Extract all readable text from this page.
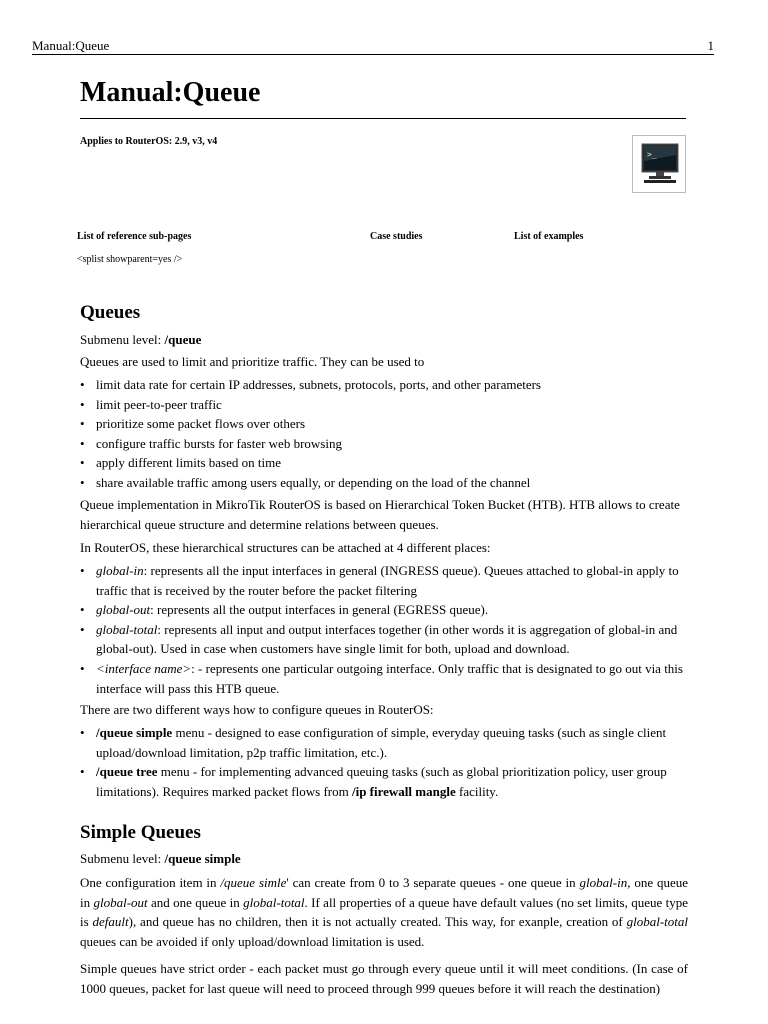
Manual:Queue	1
Manual:Queue
Applies to RouterOS: 2.9, v3, v4
>_
List of reference sub-pages	Case studies	List of examples
<splist showparent=yes />
Queues
Submenu level: /queue
Queues are used to limit and prioritize traffic. They can be used to
• limit data rate for certain IP addresses, subnets, protocols, ports, and other parameters
• limit peer-to-peer traffic
• prioritize some packet flows over others
• configure traffic bursts for faster web browsing
• apply different limits based on time
• share available traffic among users equally, or depending on the load of the channel
Queue implementation in MikroTik RouterOS is based on Hierarchical Token Bucket (HTB). HTB allows to create hierarchical queue structure and determine relations between queues.
In RouterOS, these hierarchical structures can be attached at 4 different places:
• global-in: represents all the input interfaces in general (INGRESS queue). Queues attached to global-in apply to traffic that is received by the router before the packet filtering
• global-out: represents all the output interfaces in general (EGRESS queue).
• global-total: represents all input and output interfaces together (in other words it is aggregation of global-in and global-out). Used in case when customers have single limit for both, upload and download.
• <interface name>: - represents one particular outgoing interface. Only traffic that is designated to go out via this interface will pass this HTB queue.
There are two different ways how to configure queues in RouterOS:
• /queue simple menu - designed to ease configuration of simple, everyday queuing tasks (such as single client upload/download limitation, p2p traffic limitation, etc.).
• /queue tree menu - for implementing advanced queuing tasks (such as global prioritization policy, user group limitations). Requires marked packet flows from /ip firewall mangle facility.
Simple Queues
Submenu level: /queue simple
One configuration item in /queue simle' can create from 0 to 3 separate queues - one queue in global-in, one queue in global-out and one queue in global-total. If all properties of a queue have default values (no set limits, queue type is default), and queue has no children, then it is not actually created. This way, for exanple, creation of global-total queues can be avoided if only upload/download limitation is used.
Simple queues have strict order - each packet must go through every queue until it will meet conditions. (In case of 1000 queues, packet for last queue will need to proceed through 999 queues before it will reach the destination)
